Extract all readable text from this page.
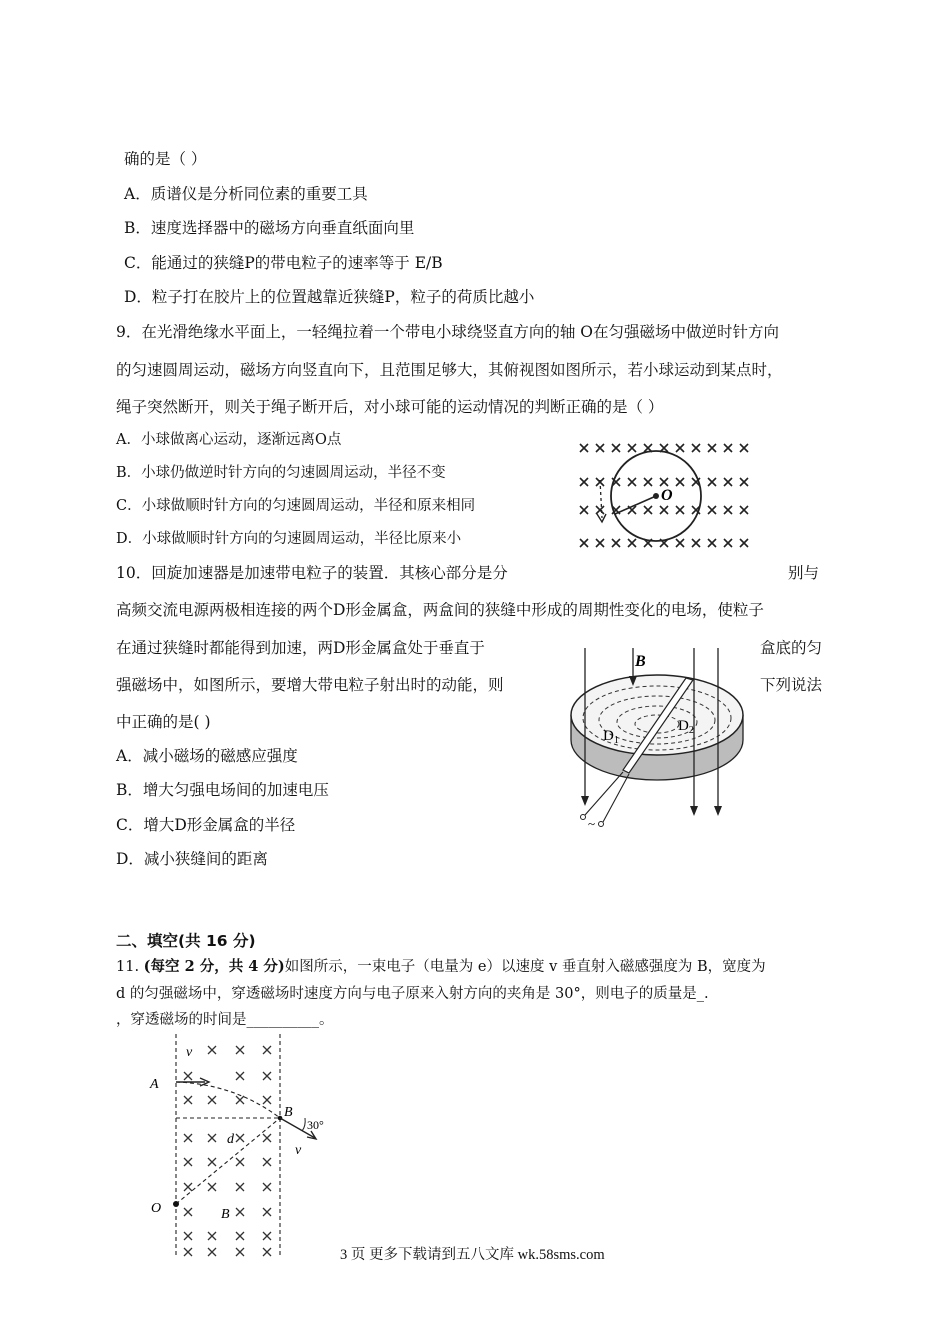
确的是（ ）
A．质谱仪是分析同位素的重要工具
B．速度选择器中的磁场方向垂直纸面向里
C．能通过的狭缝P的带电粒子的速率等于 E/B
D．粒子打在胶片上的位置越靠近狭缝P，粒子的荷质比越小
9．在光滑绝缘水平面上，一轻绳拉着一个带电小球绕竖直方向的轴 O在匀强磁场中做逆时针方向
的匀速圆周运动，磁场方向竖直向下，且范围足够大，其俯视图如图所示，若小球运动到某点时，
绳子突然断开，则关于绳子断开后，对小球可能的运动情况的判断正确的是（ ）
A．小球做离心运动，逐渐远离O点
B．小球仍做逆时针方向的匀速圆周运动，半径不变
C．小球做顺时针方向的匀速圆周运动，半径和原来相同
D．小球做顺时针方向的匀速圆周运动，半径比原来小
O
10．回旋加速器是加速带电粒子的装置．其核心部分是分	别与
高频交流电源两极相连接的两个D形金属盒，两盒间的狭缝中形成的周期性变化的电场，使粒子
在通过狭缝时都能得到加速，两D形金属盒处于垂直于	盒底的匀
强磁场中，如图所示，要增大带电粒子射出时的动能，则	下列说法
中正确的是( )
A．减小磁场的磁感应强度
B．增大匀强电场间的加速电压
C．增大D形金属盒的半径
D．减小狭缝间的距离
B
$D_1$
$D_2$
~
二、填空(共 16 分)
11. (每空 2 分，共 4 分)如图所示，一束电子（电量为 e）以速度 v 垂直射入磁感强度为 B，宽度为
d 的匀强磁场中，穿透磁场时速度方向与电子原来入射方向的夹角是 30°，则电子的质量是_.
，穿透磁场的时间是__________。
A
v
B
d
v
O	B
30°
3 页 更多下载请到五八文库 wk.58sms.com
